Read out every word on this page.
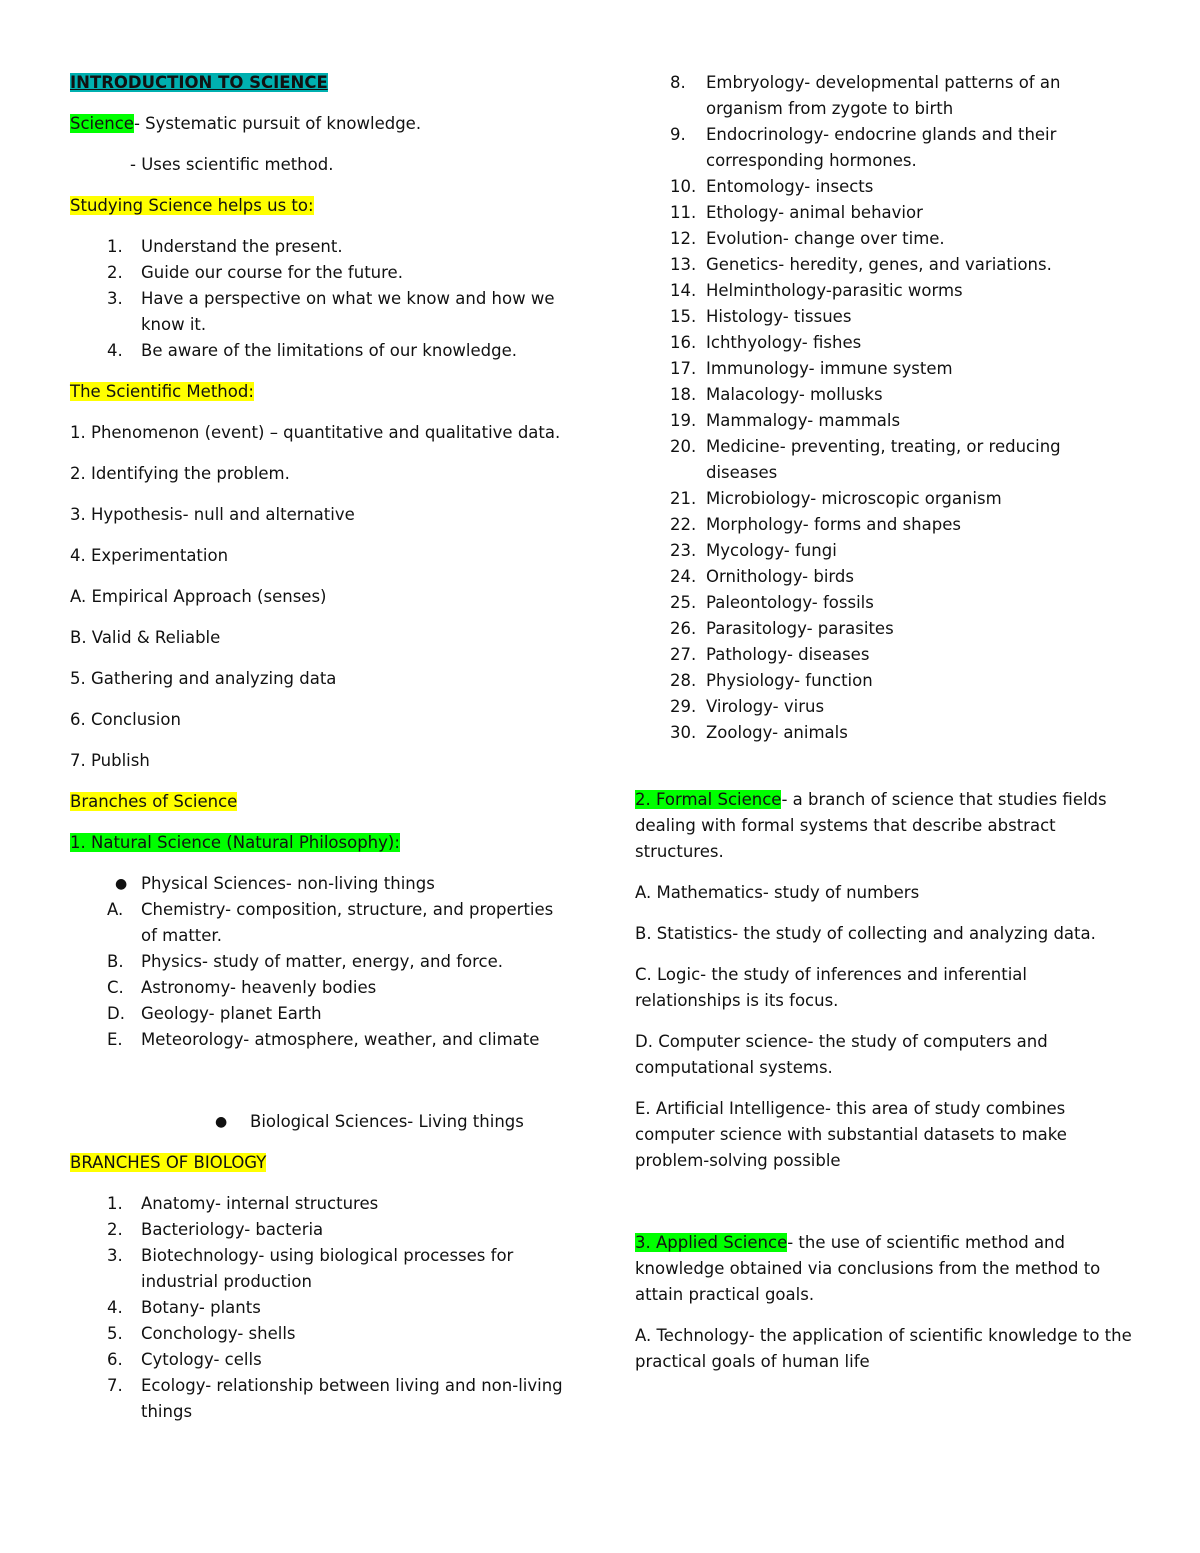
INTRODUCTION TO SCIENCE

Science- Systematic pursuit of knowledge.

- Uses scientific method.

Studying Science helps us to:

1. Understand the present.
2. Guide our course for the future.
3. Have a perspective on what we know and how we know it.
4. Be aware of the limitations of our knowledge.

The Scientific Method:

1. Phenomenon (event) – quantitative and qualitative data.

2. Identifying the problem.

3. Hypothesis- null and alternative

4. Experimentation

A. Empirical Approach (senses)

B. Valid & Reliable

5. Gathering and analyzing data

6. Conclusion

7. Publish

Branches of Science

1. Natural Science (Natural Philosophy):

● Physical Sciences- non-living things
A. Chemistry- composition, structure, and properties of matter.
B. Physics- study of matter, energy, and force.
C. Astronomy- heavenly bodies
D. Geology- planet Earth
E. Meteorology- atmosphere, weather, and climate
● Biological Sciences- Living things

BRANCHES OF BIOLOGY

1. Anatomy- internal structures
2. Bacteriology- bacteria
3. Biotechnology- using biological processes for industrial production
4. Botany- plants
5. Conchology- shells
6. Cytology- cells
7. Ecology- relationship between living and non-living things
8. Embryology- developmental patterns of an organism from zygote to birth
9. Endocrinology- endocrine glands and their corresponding hormones.
10. Entomology- insects
11. Ethology- animal behavior
12. Evolution- change over time.
13. Genetics- heredity, genes, and variations.
14. Helminthology-parasitic worms
15. Histology- tissues
16. Ichthyology- fishes
17. Immunology- immune system
18. Malacology- mollusks
19. Mammalogy- mammals
20. Medicine- preventing, treating, or reducing diseases
21. Microbiology- microscopic organism
22. Morphology- forms and shapes
23. Mycology- fungi
24. Ornithology- birds
25. Paleontology- fossils
26. Parasitology- parasites
27. Pathology- diseases
28. Physiology- function
29. Virology- virus
30. Zoology- animals

2. Formal Science- a branch of science that studies fields dealing with formal systems that describe abstract structures.

A. Mathematics- study of numbers

B. Statistics- the study of collecting and analyzing data.

C. Logic- the study of inferences and inferential relationships is its focus.

D. Computer science- the study of computers and computational systems.

E. Artificial Intelligence- this area of study combines computer science with substantial datasets to make problem-solving possible

3. Applied Science- the use of scientific method and knowledge obtained via conclusions from the method to attain practical goals.

A. Technology- the application of scientific knowledge to the practical goals of human life
